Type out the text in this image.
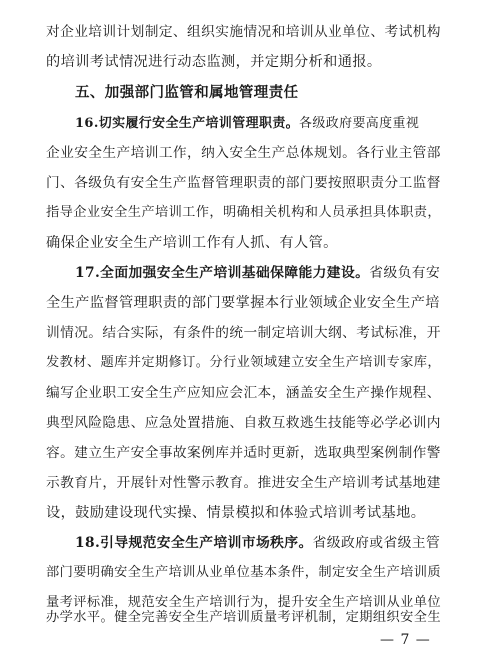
对企业培训计划制定、组织实施情况和培训从业单位、考试机构
的培训考试情况进行动态监测，并定期分析和通报。
五、加强部门监管和属地管理责任
16.切实履行安全生产培训管理职责。各级政府要高度重视
企业安全生产培训工作，纳入安全生产总体规划。各行业主管部
门、各级负有安全生产监督管理职责的部门要按照职责分工监督
指导企业安全生产培训工作，明确相关机构和人员承担具体职责，
确保企业安全生产培训工作有人抓、有人管。
17.全面加强安全生产培训基础保障能力建设。省级负有安
全生产监督管理职责的部门要掌握本行业领域企业安全生产培
训情况。结合实际，有条件的统一制定培训大纲、考试标准，开
发教材、题库并定期修订。分行业领域建立安全生产培训专家库，
编写企业职工安全生产应知应会汇本，涵盖安全生产操作规程、
典型风险隐患、应急处置措施、自救互救逃生技能等必学必训内
容。建立生产安全事故案例库并适时更新，选取典型案例制作警
示教育片，开展针对性警示教育。推进安全生产培训考试基地建
设，鼓励建设现代实操、情景模拟和体验式培训考试基地。
18.引导规范安全生产培训市场秩序。省级政府或省级主管
部门要明确安全生产培训从业单位基本条件，制定安全生产培训质
量考评标准，规范安全生产培训行为，提升安全生产培训从业单位
办学水平。健全完善安全生产培训质量考评机制，定期组织安全生
— 7 —
